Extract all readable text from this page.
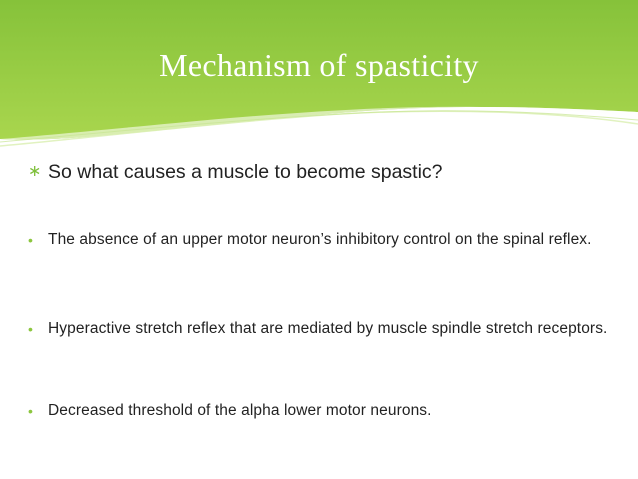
Mechanism of spasticity
∗ So what causes a muscle to become spastic?
• The absence of an upper motor neuron’s inhibitory control on the spinal reflex.
• Hyperactive stretch reflex that are mediated by muscle spindle stretch receptors.
• Decreased threshold of the alpha lower motor neurons.
